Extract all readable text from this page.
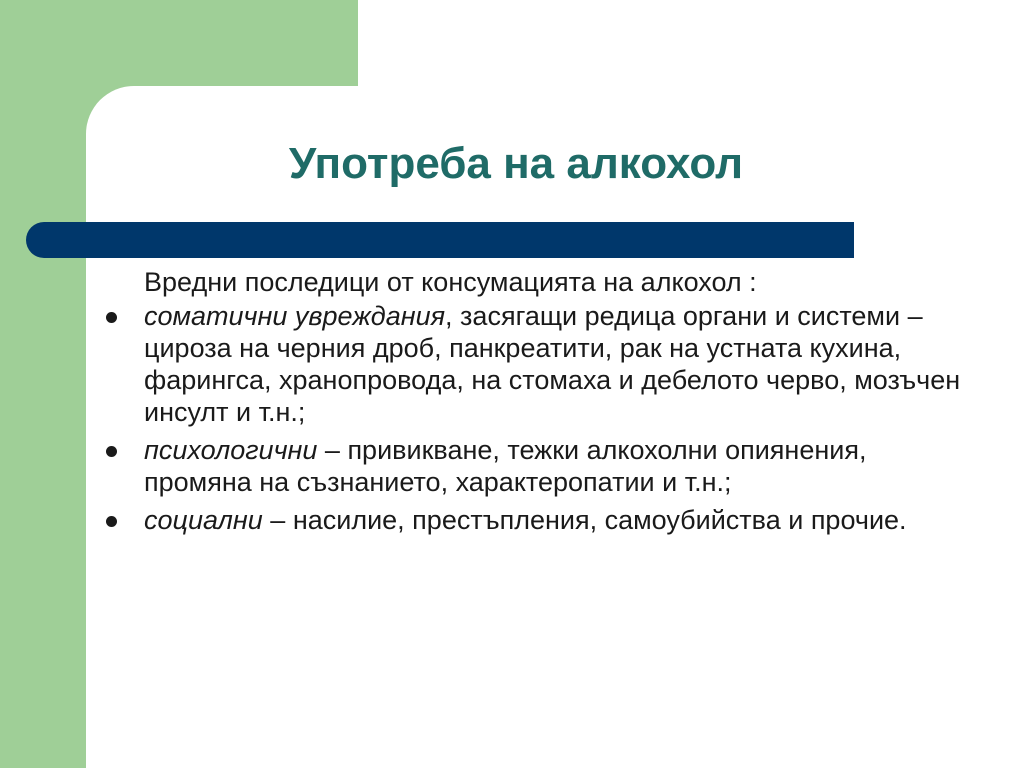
Употреба на алкохол

Вредни последици от консумацията на алкохол :

соматични увреждания, засягащи редица органи и системи – цироза на черния дроб, панкреатити, рак на устната кухина, фарингса, хранопровода, на стомаха и дебелото черво, мозъчен инсулт и т.н.;
психологични – привикване, тежки алкохолни опиянения, промяна на съзнанието, характеропатии и т.н.;
социални – насилие, престъпления, самоубийства и прочие.
